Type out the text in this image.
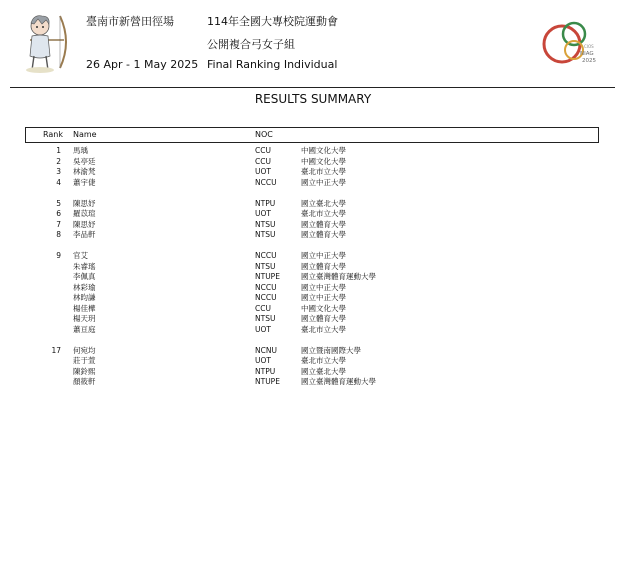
臺南市新營田徑場
26 Apr - 1 May 2025
114年全國大專校院運動會
公開複合弓女子組
Final Ranking Individual
CIOS
NIAG
2025
RESULTS SUMMARY
Rank Name	NOC
1 馬瑀	CCU	中國文化大學
2 吳亭廷	CCU	中國文化大學
3 林渝梵	UOT	臺北市立大學
4 蕭宇倢	NCCU	國立中正大學
5 陳思妤	NTPU	國立臺北大學
6 羅苡瑄	UOT	臺北市立大學
7 陳思妤	NTSU	國立體育大學
8 李品軒	NTSU	國立體育大學
9 官艾	NCCU	國立中正大學
朱睿瑤	NTSU	國立體育大學
李佩真	NTUPE	國立臺灣體育運動大學
林彩瑜	NCCU	國立中正大學
林昀謙	NCCU	國立中正大學
楊佳樺	CCU	中國文化大學
楊天玥	NTSU	國立體育大學
蕭亘庭	UOT	臺北市立大學
17 何宛均	NCNU	國立暨南國際大學
莊于萱	UOT	臺北市立大學
陳鈴熙	NTPU	國立臺北大學
顏筱軒	NTUPE	國立臺灣體育運動大學
